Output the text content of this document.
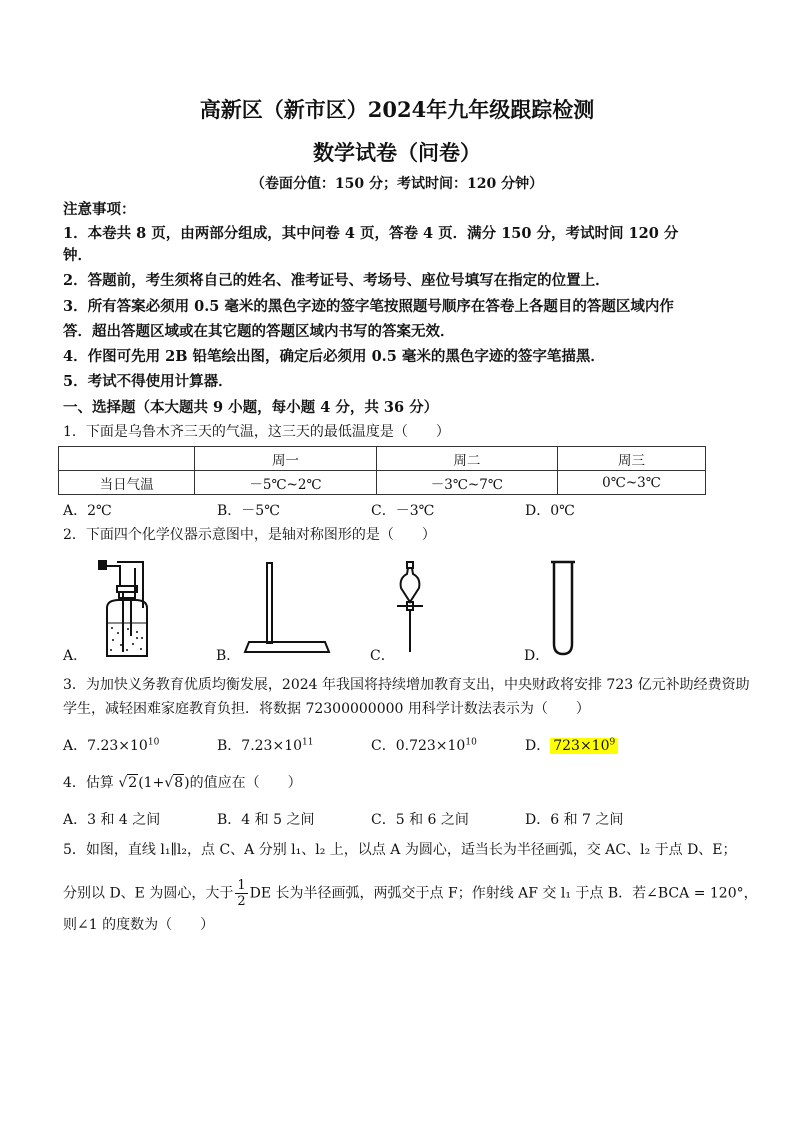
高新区（新市区）2024年九年级跟踪检测
数学试卷（问卷）
（卷面分值：150 分；考试时间：120 分钟）
注意事项：
1．本卷共 8 页，由两部分组成，其中问卷 4 页，答卷 4 页．满分 150 分，考试时间 120 分
钟．
2．答题前，考生须将自己的姓名、准考证号、考场号、座位号填写在指定的位置上．
3．所有答案必须用 0.5 毫米的黑色字迹的签字笔按照题号顺序在答卷上各题目的答题区域内作
答．超出答题区域或在其它题的答题区域内书写的答案无效．
4．作图可先用 2B 铅笔绘出图，确定后必须用 0.5 毫米的黑色字迹的签字笔描黑．
5．考试不得使用计算器．
一、选择题（本大题共 9 小题，每小题 4 分，共 36 分）
1．下面是乌鲁木齐三天的气温，这三天的最低温度是（　　）
	周一	周二	周三
当日气温	－5℃~2℃	－3℃~7℃	0℃~3℃
A．2℃	B．－5℃	C．－3℃	D．0℃
2．下面四个化学仪器示意图中，是轴对称图形的是（　　）
A．	B．	C．	D．
3．为加快义务教育优质均衡发展，2024 年我国将持续增加教育支出，中央财政将安排 723 亿元补助经费资助
学生，减轻困难家庭教育负担．将数据 72300000000 用科学计数法表示为（　　）
A．$7.23\times 10^{10}$	B．$7.23\times 10^{11}$	C．$0.723\times 10^{10}$	D． $723\times 10^9$
4．估算 √2(1+√8)的值应在（　　）
A．3 和 4 之间	B．4 和 5 之间	C．5 和 6 之间	D．6 和 7 之间
5．如图，直线 l₁∥l₂，点 C、A 分别 l₁、l₂ 上，以点 A 为圆心，适当长为半径画弧，交 AC、l₂ 于点 D、E；
分别以 D、E 为圆心，大于 $\frac{1}{2}$ DE 长为半径画弧，两弧交于点 F；作射线 AF 交 l₁ 于点 B．若∠BCA = 120°，
则∠1 的度数为（　　）
